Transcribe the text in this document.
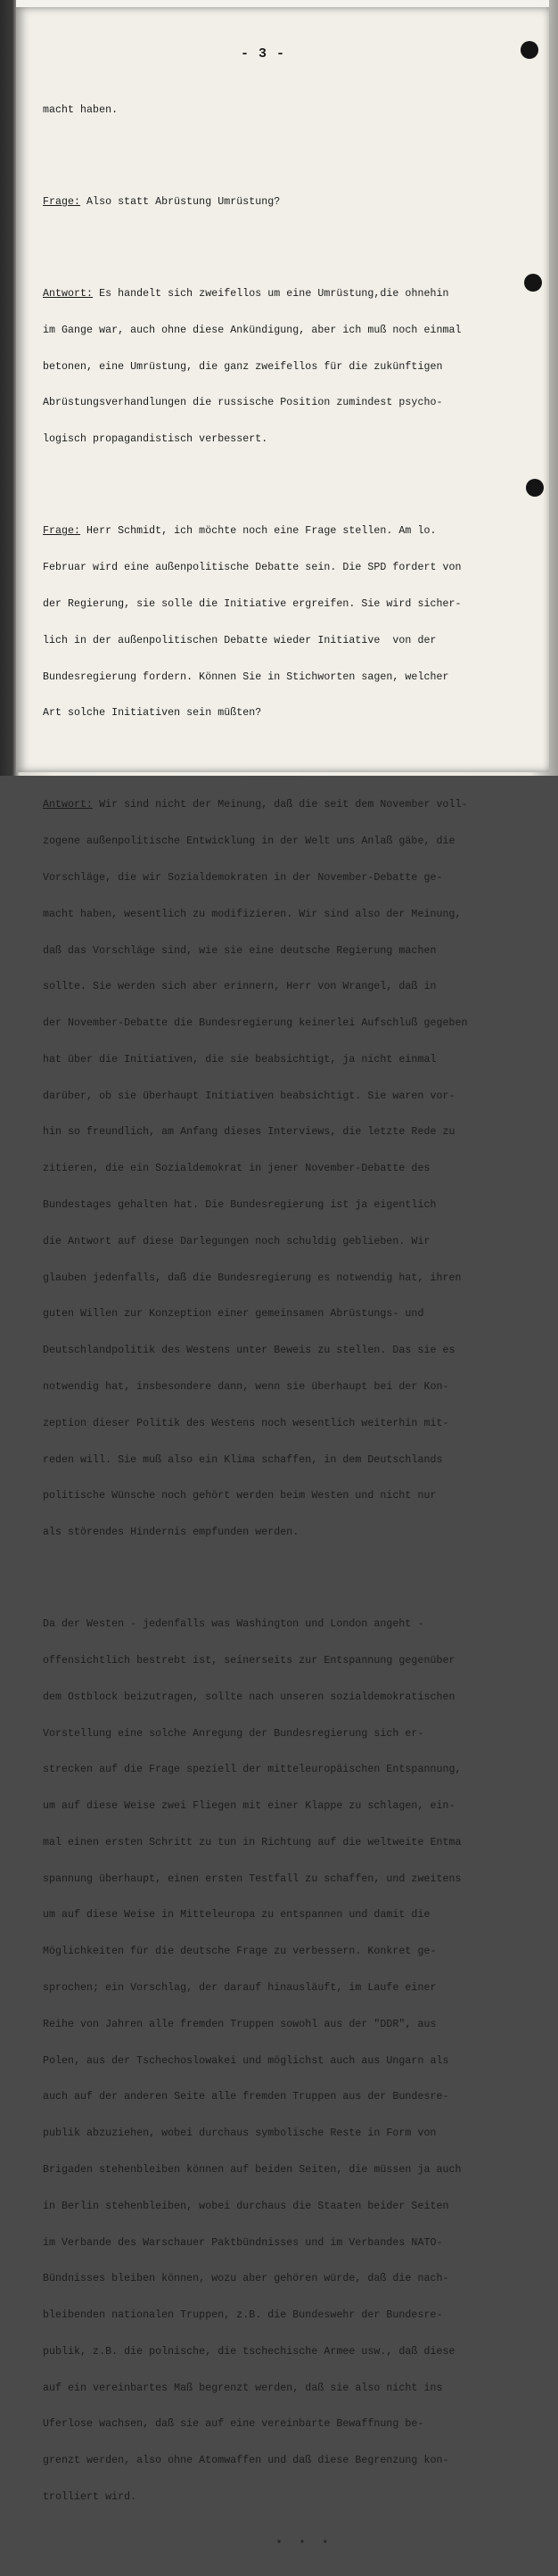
- 3 -

macht haben.

Frage: Also statt Abrüstung Umrüstung?

Antwort: Es handelt sich zweifellos um eine Umrüstung,die ohnehin

im Gange war, auch ohne diese Ankündigung, aber ich muß noch einmal

betonen, eine Umrüstung, die ganz zweifellos für die zukünftigen

Abrüstungsverhandlungen die russische Position zumindest psycho-

logisch propagandistisch verbessert.

Frage: Herr Schmidt, ich möchte noch eine Frage stellen. Am lo.

Februar wird eine außenpolitische Debatte sein. Die SPD fordert von

der Regierung, sie solle die Initiative ergreifen. Sie wird sicher-

lich in der außenpolitischen Debatte wieder Initiative  von der

Bundesregierung fordern. Können Sie in Stichworten sagen, welcher

Art solche Initiativen sein müßten?

Antwort: Wir sind nicht der Meinung, daß die seit dem November voll-

zogene außenpolitische Entwicklung in der Welt uns Anlaß gäbe, die

Vorschläge, die wir Sozialdemokraten in der November-Debatte ge-

macht haben, wesentlich zu modifizieren. Wir sind also der Meinung,

daß das Vorschläge sind, wie sie eine deutsche Regierung machen

sollte. Sie werden sich aber erinnern, Herr von Wrangel, daß in

der November-Debatte die Bundesregierung keinerlei Aufschluß gegeben

hat über die Initiativen, die sie beabsichtigt, ja nicht einmal

darüber, ob sie überhaupt Initiativen beabsichtigt. Sie waren vor-

hin so freundlich, am Anfang dieses Interviews, die letzte Rede zu

zitieren, die ein Sozialdemokrat in jener November-Debatte des

Bundestages gehalten hat. Die Bundesregierung ist ja eigentlich

die Antwort auf diese Darlegungen noch schuldig geblieben. Wir

glauben jedenfalls, daß die Bundesregierung es notwendig hat, ihren

guten Willen zur Konzeption einer gemeinsamen Abrüstungs- und

Deutschlandpolitik des Westens unter Beweis zu stellen. Das sie es

notwendig hat, insbesondere dann, wenn sie überhaupt bei der Kon-

zeption dieser Politik des Westens noch wesentlich weiterhin mit-

reden will. Sie muß also ein Klima schaffen, in dem Deutschlands

politische Wünsche noch gehört werden beim Westen und nicht nur

als störendes Hindernis empfunden werden.

Da der Westen - jedenfalls was Washington und London angeht -

offensichtlich bestrebt ist, seinerseits zur Entspannung gegenüber

dem Ostblock beizutragen, sollte nach unseren sozialdemokratischen

Vorstellung eine solche Anregung der Bundesregierung sich er-

strecken auf die Frage speziell der mitteleuropäischen Entspannung,

um auf diese Weise zwei Fliegen mit einer Klappe zu schlagen, ein-

mal einen ersten Schritt zu tun in Richtung auf die weltweite Entma

spannung überhaupt, einen ersten Testfall zu schaffen, und zweitens

um auf diese Weise in Mitteleuropa zu entspannen und damit die

Möglichkeiten für die deutsche Frage zu verbessern. Konkret ge-

sprochen; ein Vorschlag, der darauf hinausläuft, im Laufe einer

Reihe von Jahren alle fremden Truppen sowohl aus der "DDR", aus

Polen, aus der Tschechoslowakei und möglichst auch aus Ungarn als

auch auf der anderen Seite alle fremden Truppen aus der Bundesre-

publik abzuziehen, wobei durchaus symbolische Reste in Form von

Brigaden stehenbleiben können auf beiden Seiten, die müssen ja auch

in Berlin stehenbleiben, wobei durchaus die Staaten beider Seiten

im Verbande des Warschauer Paktbündnisses und im Verbandes NATO-

Bündnisses bleiben können, wozu aber gehören würde, daß die nach-

bleibenden nationalen Truppen, z.B. die Bundeswehr der Bundesre-

publik, z.B. die polnische, die tschechische Armee usw., daß diese

auf ein vereinbartes Maß begrenzt werden, daß sie also nicht ins

Uferlose wachsen, daß sie auf eine vereinbarte Bewaffnung be-

grenzt werden, also ohne Atomwaffen und daß diese Begrenzung kon-

trolliert wird.

* * *
